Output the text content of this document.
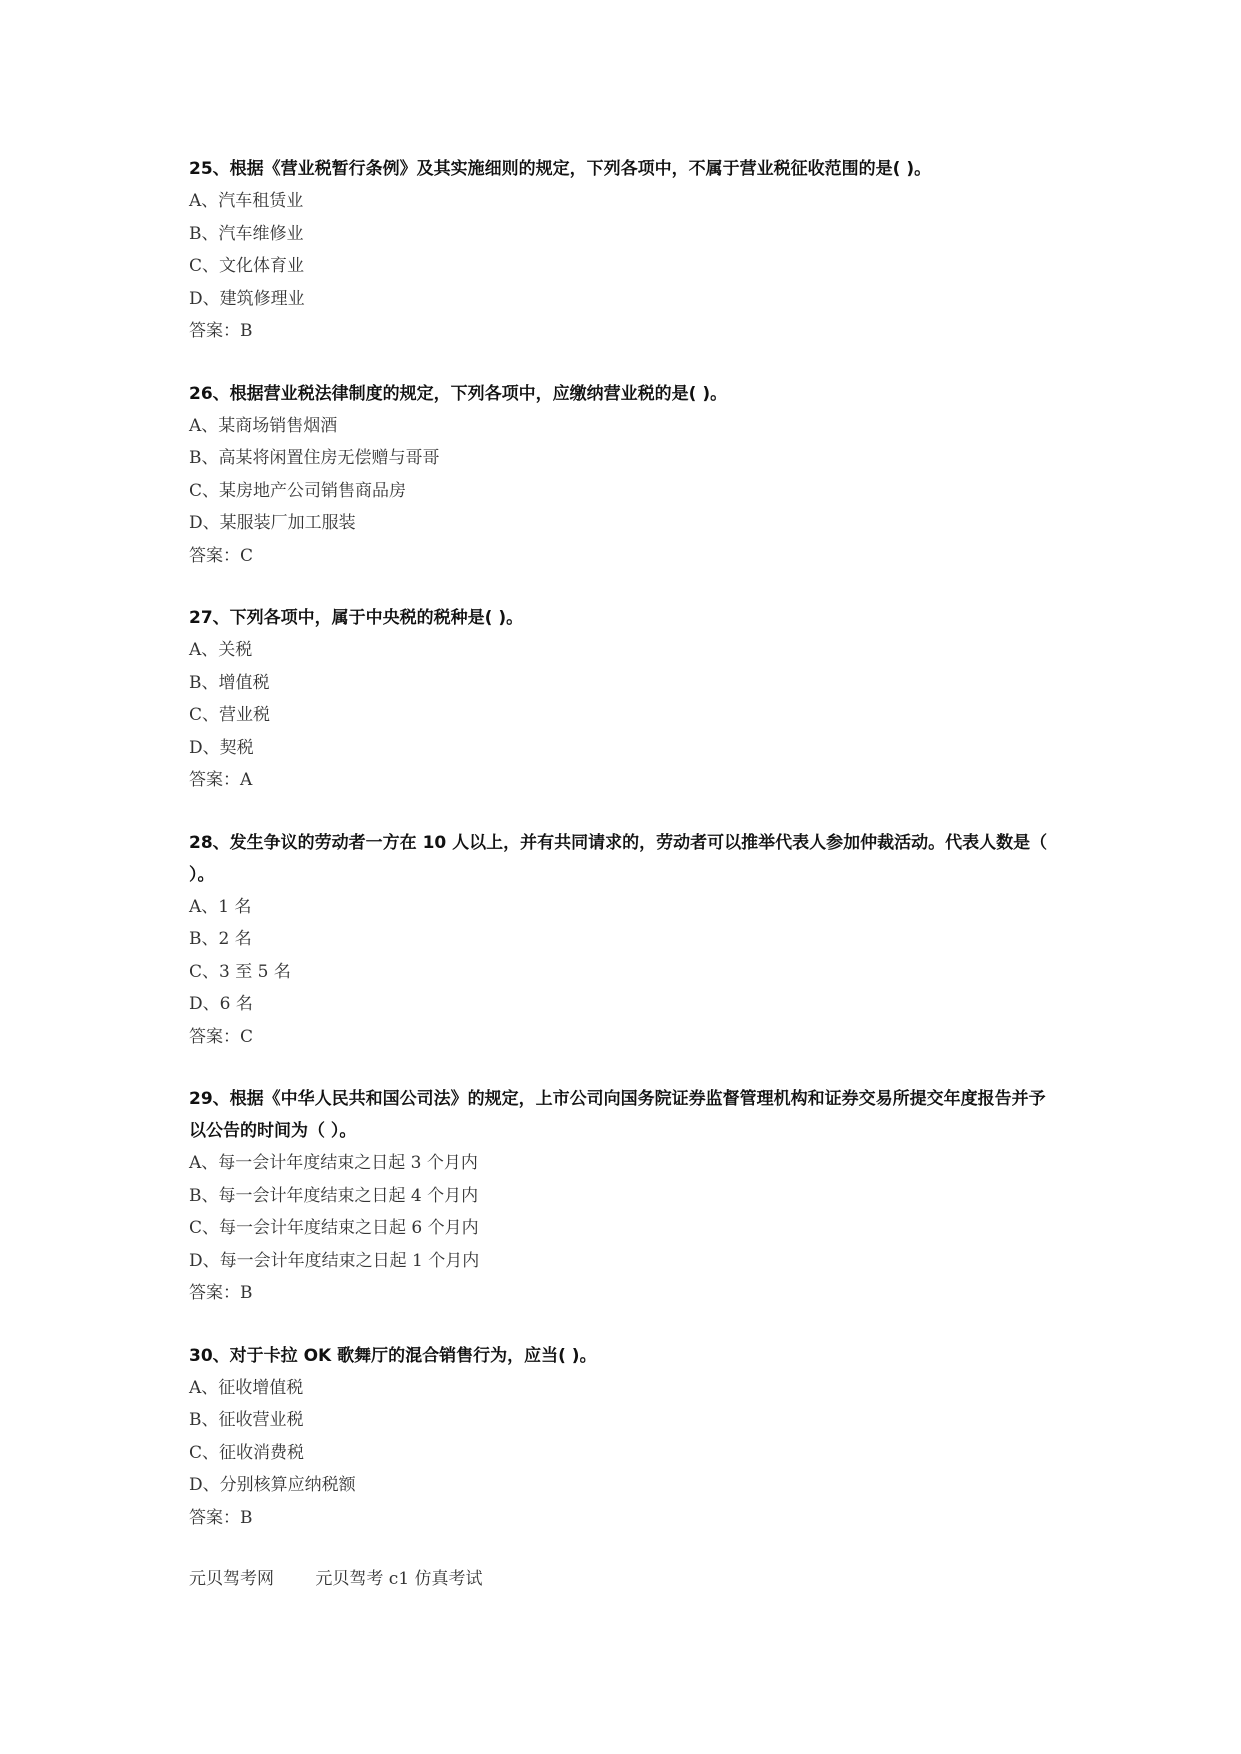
25、根据《营业税暂行条例》及其实施细则的规定，下列各项中，不属于营业税征收范围的是( )。

A、汽车租赁业

B、汽车维修业

C、文化体育业

D、建筑修理业

答案：B

26、根据营业税法律制度的规定，下列各项中，应缴纳营业税的是( )。

A、某商场销售烟酒

B、高某将闲置住房无偿赠与哥哥

C、某房地产公司销售商品房

D、某服装厂加工服装

答案：C

27、下列各项中，属于中央税的税种是( )。

A、关税

B、增值税

C、营业税

D、契税

答案：A

28、发生争议的劳动者一方在 10 人以上，并有共同请求的，劳动者可以推举代表人参加仲裁活动。代表人数是（ ）。

A、1 名

B、2 名

C、3 至 5 名

D、6 名

答案：C

29、根据《中华人民共和国公司法》的规定，上市公司向国务院证券监督管理机构和证券交易所提交年度报告并予以公告的时间为（ ）。

A、每一会计年度结束之日起 3 个月内

B、每一会计年度结束之日起 4 个月内

C、每一会计年度结束之日起 6 个月内

D、每一会计年度结束之日起 1 个月内

答案：B

30、对于卡拉 OK 歌舞厅的混合销售行为，应当( )。

A、征收增值税

B、征收营业税

C、征收消费税

D、分别核算应纳税额

答案：B

元贝驾考网 元贝驾考 c1 仿真考试
